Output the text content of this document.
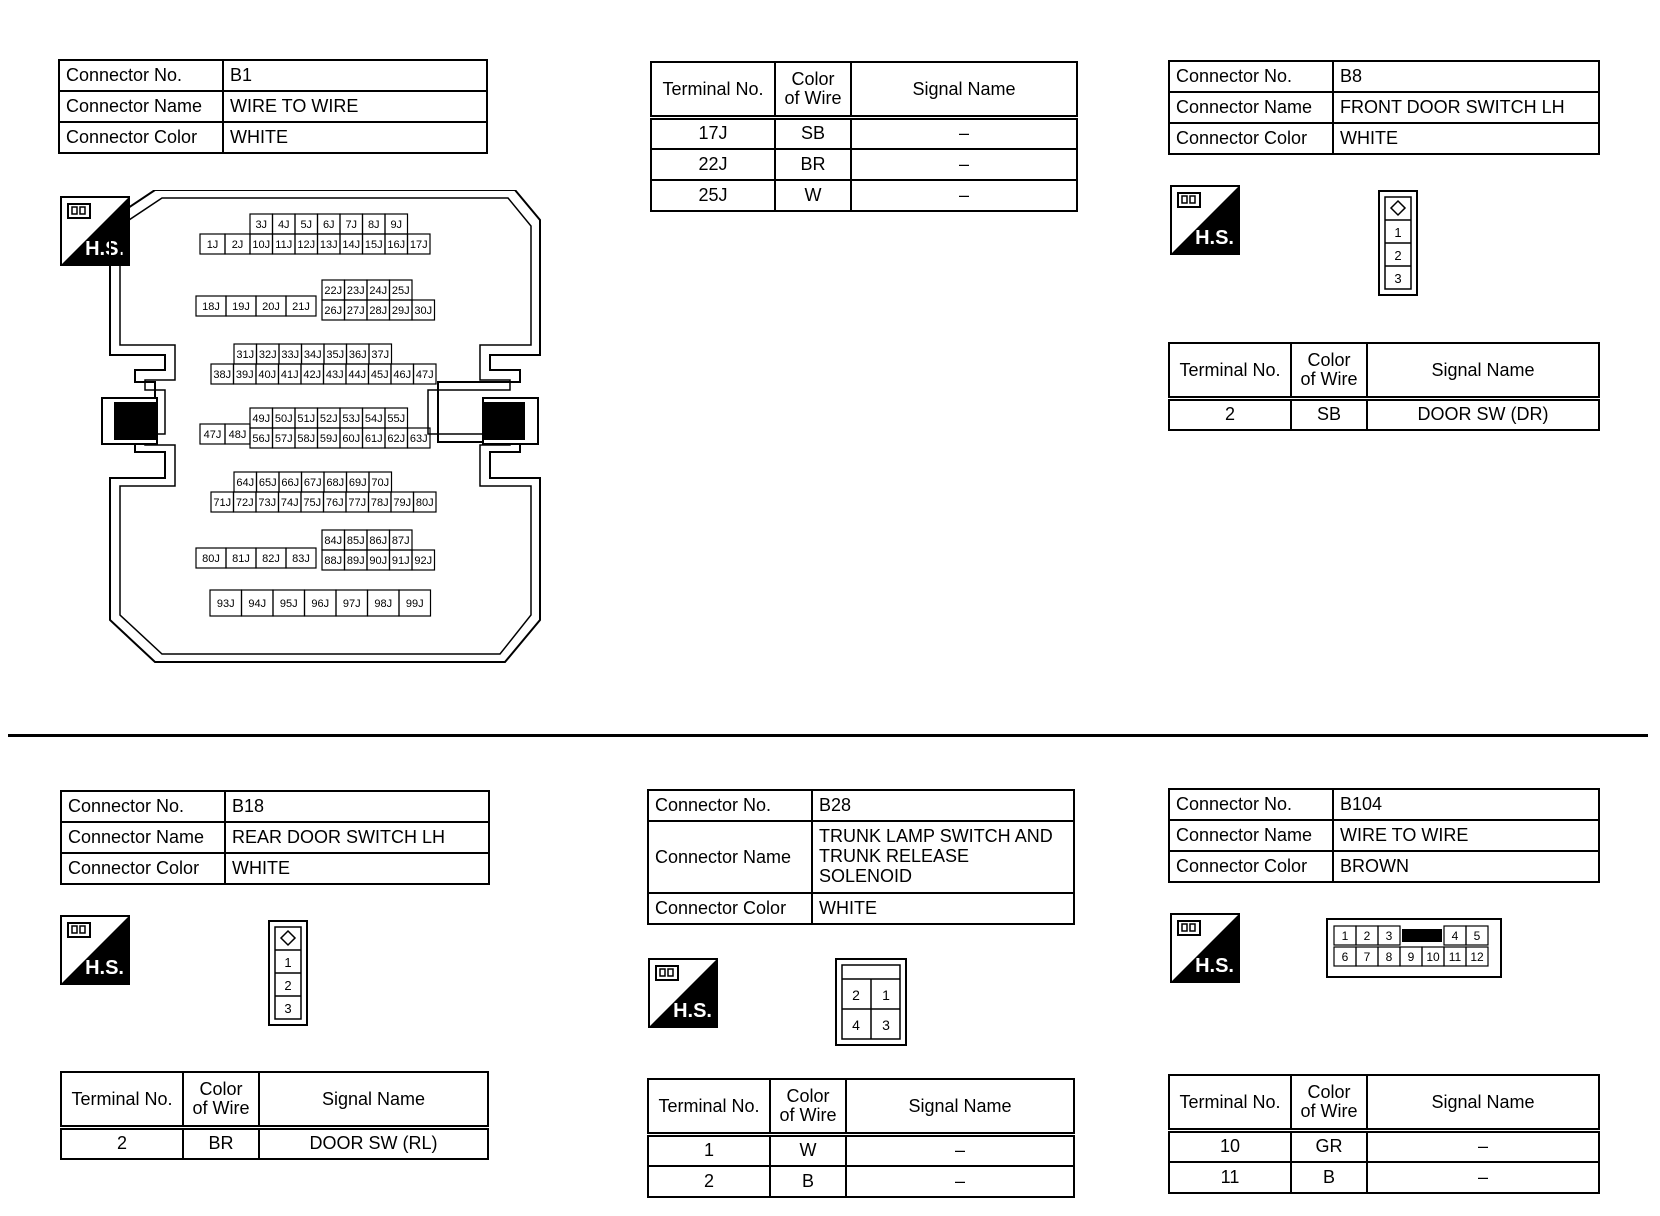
Connector No.	B1
Connector Name	WIRE TO WIRE
Connector Color	WHITE
H.S.	1J 2J
3J 4J 5J 6J 7J 8J 9J
10J 11J 12J 13J 14J 15J 16J 17J
18J 19J 20J 21J
22J 23J 24J 25J
26J 27J 28J 29J 30J
31J 32J 33J 34J 35J 36J 37J
38J 39J 40J 41J 42J 43J 44J 45J 46J 47J
47J 48J
49J 50J 51J 52J 53J 54J 55J
56J 57J 58J 59J 60J 61J 62J 63J
64J 65J 66J 67J 68J 69J 70J
71J 72J 73J 74J 75J 76J 77J 78J 79J 80J
80J 81J 82J 83J
84J 85J 86J 87J
88J 89J 90J 91J 92J
93J 94J 95J 96J 97J 98J 99J
Terminal No.	Color of Wire	Signal Name
17J	SB	–
22J	BR	–
25J	W	–
Connector No.	B8
Connector Name	FRONT DOOR SWITCH LH
Connector Color	WHITE
H.S.	1
2
3
Terminal No.	Color of Wire	Signal Name
2	SB	DOOR SW (DR)
Connector No.	B18
Connector Name	REAR DOOR SWITCH LH
Connector Color	WHITE
H.S.	1
2
3
Terminal No.	Color of Wire	Signal Name
2	BR	DOOR SW (RL)
Connector No.	B28
Connector Name	TRUNK LAMP SWITCH AND TRUNK RELEASE SOLENOID
Connector Color	WHITE
H.S.
2 1
4 3
Terminal No.	Color of Wire	Signal Name
1	W	–
2	B	–
Connector No.	B104
Connector Name	WIRE TO WIRE
Connector Color	BROWN
H.S.
1 2 3	4 5
6 7 8 9 10 11 12
Terminal No.	Color of Wire	Signal Name
10	GR	–
11	B	–
